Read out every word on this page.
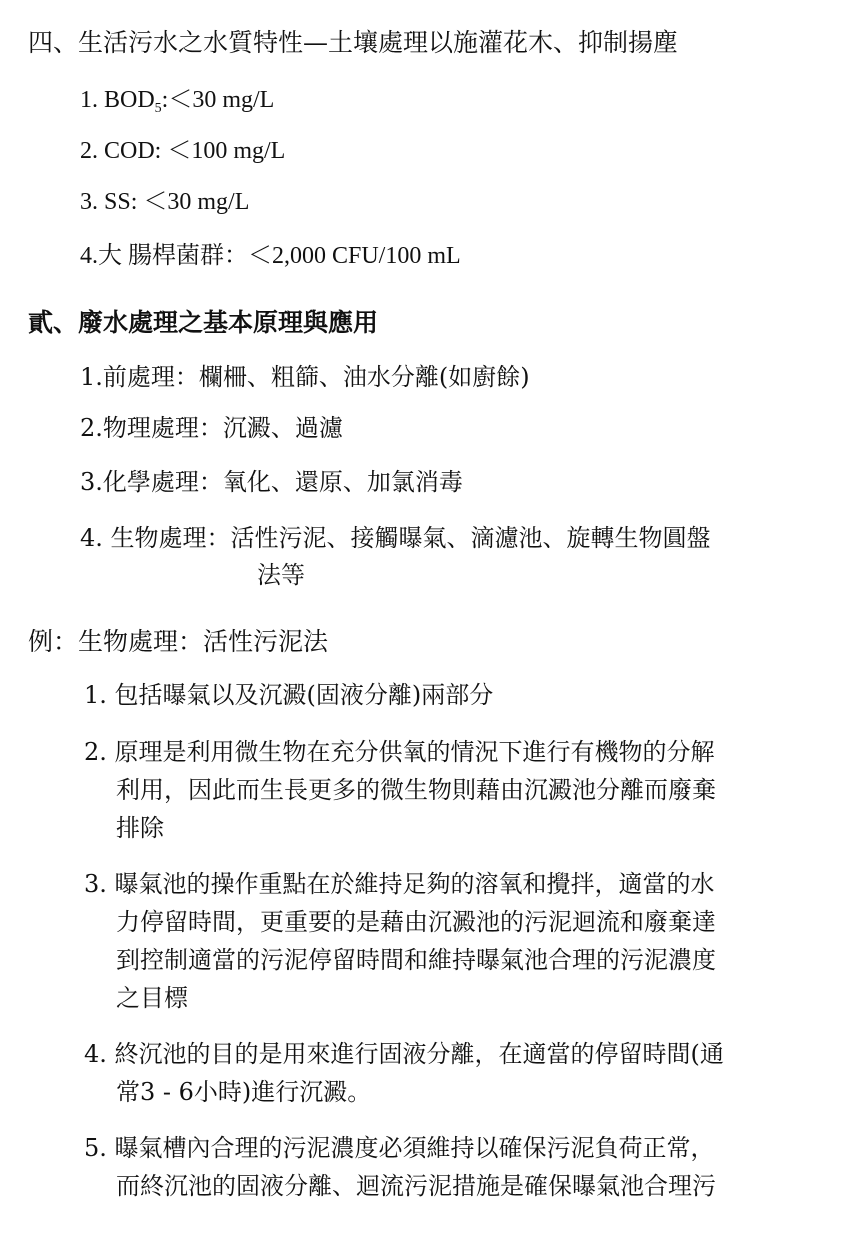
四、生活污水之水質特性—土壤處理以施灌花木、抑制揚塵
1. $BOD_5:<30$ mg/L
2. COD: ＜100 mg/L
3. SS: ＜30 mg/L
4.大 腸桿菌群：＜2,000 CFU/100 mL
貳、廢水處理之基本原理與應用
1.前處理：欄柵、粗篩、油水分離(如廚餘)
2.物理處理：沉澱、過濾
3.化學處理：氧化、還原、加氯消毒
4. 生物處理：活性污泥、接觸曝氣、滴濾池、旋轉生物圓盤
法等
例：生物處理：活性污泥法
1. 包括曝氣以及沉澱(固液分離)兩部分
2. 原理是利用微生物在充分供氧的情況下進行有機物的分解
利用，因此而生長更多的微生物則藉由沉澱池分離而廢棄
排除
3. 曝氣池的操作重點在於維持足夠的溶氧和攪拌，適當的水
力停留時間，更重要的是藉由沉澱池的污泥迴流和廢棄達
到控制適當的污泥停留時間和維持曝氣池合理的污泥濃度
之目標
4. 終沉池的目的是用來進行固液分離，在適當的停留時間(通
常3 - 6小時)進行沉澱。
5. 曝氣槽內合理的污泥濃度必須維持以確保污泥負荷正常，
而終沉池的固液分離、迴流污泥措施是確保曝氣池合理污
